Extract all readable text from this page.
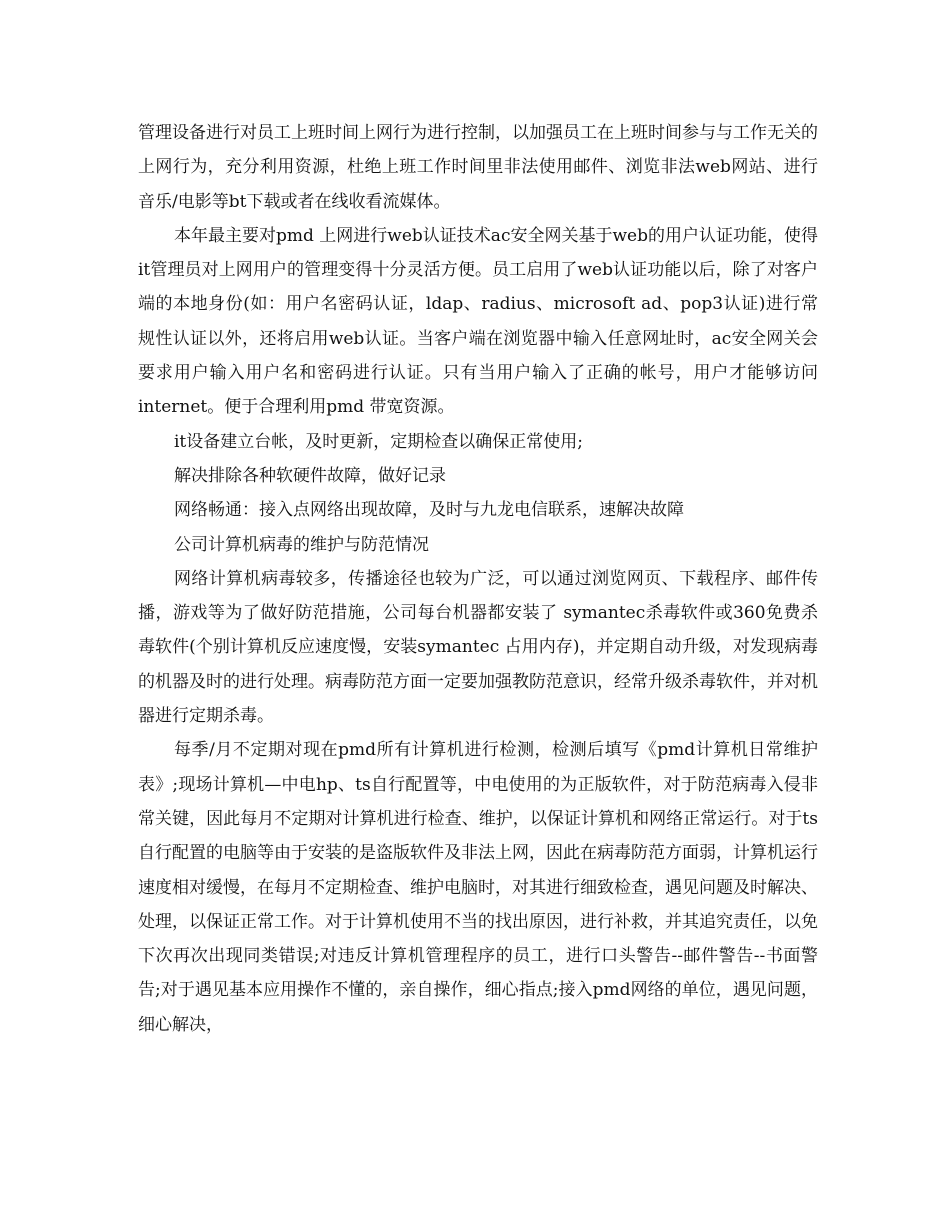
管理设备进行对员工上班时间上网行为进行控制，以加强员工在上班时间参与与工作无关的上网行为，充分利用资源，杜绝上班工作时间里非法使用邮件、浏览非法web网站、进行音乐/电影等bt下载或者在线收看流媒体。

本年最主要对pmd 上网进行web认证技术ac安全网关基于web的用户认证功能，使得it管理员对上网用户的管理变得十分灵活方便。员工启用了web认证功能以后，除了对客户端的本地身份(如：用户名密码认证，ldap、radius、microsoft ad、pop3认证)进行常规性认证以外，还将启用web认证。当客户端在浏览器中输入任意网址时，ac安全网关会要求用户输入用户名和密码进行认证。只有当用户输入了正确的帐号，用户才能够访问 internet。便于合理利用pmd 带宽资源。

it设备建立台帐，及时更新，定期检查以确保正常使用;

解决排除各种软硬件故障，做好记录

网络畅通：接入点网络出现故障，及时与九龙电信联系，速解决故障

公司计算机病毒的维护与防范情况

网络计算机病毒较多，传播途径也较为广泛，可以通过浏览网页、下载程序、邮件传播，游戏等为了做好防范措施，公司每台机器都安装了 symantec杀毒软件或360免费杀毒软件(个别计算机反应速度慢，安装symantec 占用内存)，并定期自动升级，对发现病毒的机器及时的进行处理。病毒防范方面一定要加强教防范意识，经常升级杀毒软件，并对机器进行定期杀毒。

每季/月不定期对现在pmd所有计算机进行检测，检测后填写《pmd计算机日常维护表》;现场计算机—中电hp、ts自行配置等，中电使用的为正版软件，对于防范病毒入侵非常关键，因此每月不定期对计算机进行检查、维护，以保证计算机和网络正常运行。对于ts自行配置的电脑等由于安装的是盗版软件及非法上网，因此在病毒防范方面弱，计算机运行速度相对缓慢，在每月不定期检查、维护电脑时，对其进行细致检查，遇见问题及时解决、处理，以保证正常工作。对于计算机使用不当的找出原因，进行补救，并其追究责任，以免下次再次出现同类错误;对违反计算机管理程序的员工，进行口头警告--邮件警告--书面警告;对于遇见基本应用操作不懂的，亲自操作，细心指点;接入pmd网络的单位，遇见问题，细心解决，
